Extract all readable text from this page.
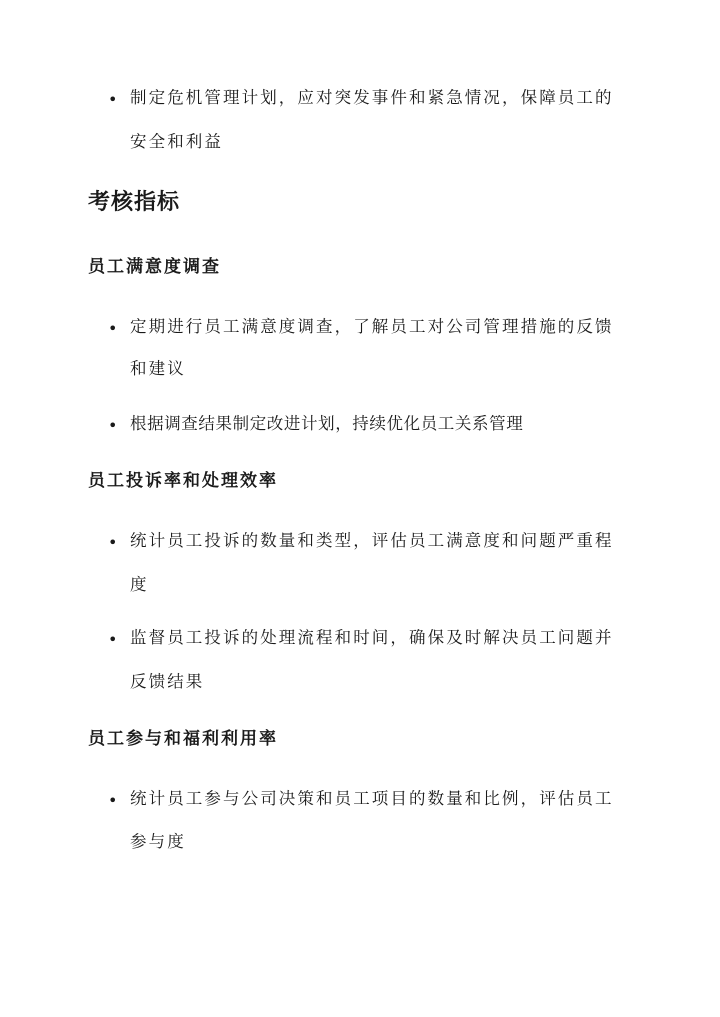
• 制定危机管理计划，应对突发事件和紧急情况，保障员工的
安全和利益
考核指标
员工满意度调查
• 定期进行员工满意度调查，了解员工对公司管理措施的反馈
和建议
• 根据调查结果制定改进计划，持续优化员工关系管理
员工投诉率和处理效率
• 统计员工投诉的数量和类型，评估员工满意度和问题严重程
度
• 监督员工投诉的处理流程和时间，确保及时解决员工问题并
反馈结果
员工参与和福利利用率
• 统计员工参与公司决策和员工项目的数量和比例，评估员工
参与度
